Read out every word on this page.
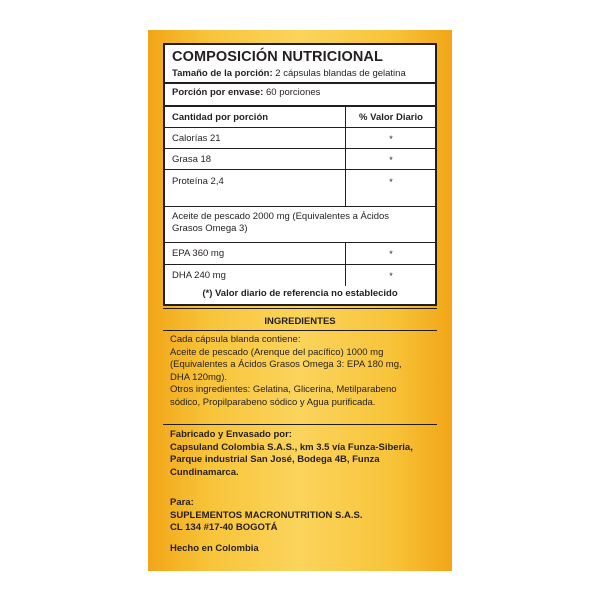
COMPOSICIÓN NUTRICIONAL
Tamaño de la porción: 2 cápsulas blandas de gelatina
Porción por envase: 60 porciones
Cantidad por porción	% Valor Diario
Calorías 21	*
Grasa 18	*
Proteína 2,4	*
Aceite de pescado 2000 mg (Equivalentes a Ácidos
Grasos Omega 3)
EPA 360 mg	*
DHA 240 mg	*
(*) Valor diario de referencia no establecido
INGREDIENTES
Cada cápsula blanda contiene:
Aceite de pescado (Arenque del pacífico) 1000 mg
(Equivalentes a Ácidos Grasos Omega 3: EPA 180 mg,
DHA 120mg).
Otros ingredientes: Gelatina, Glicerina, Metilparabeno
sódico, Propilparabeno sódico y Agua purificada.
Fabricado y Envasado por:
Capsuland Colombia S.A.S., km 3.5 vía Funza-Siberia,
Parque industrial San José, Bodega 4B, Funza
Cundinamarca.
Para:
SUPLEMENTOS MACRONUTRITION S.A.S.
CL 134 #17-40 BOGOTÁ
Hecho en Colombia
